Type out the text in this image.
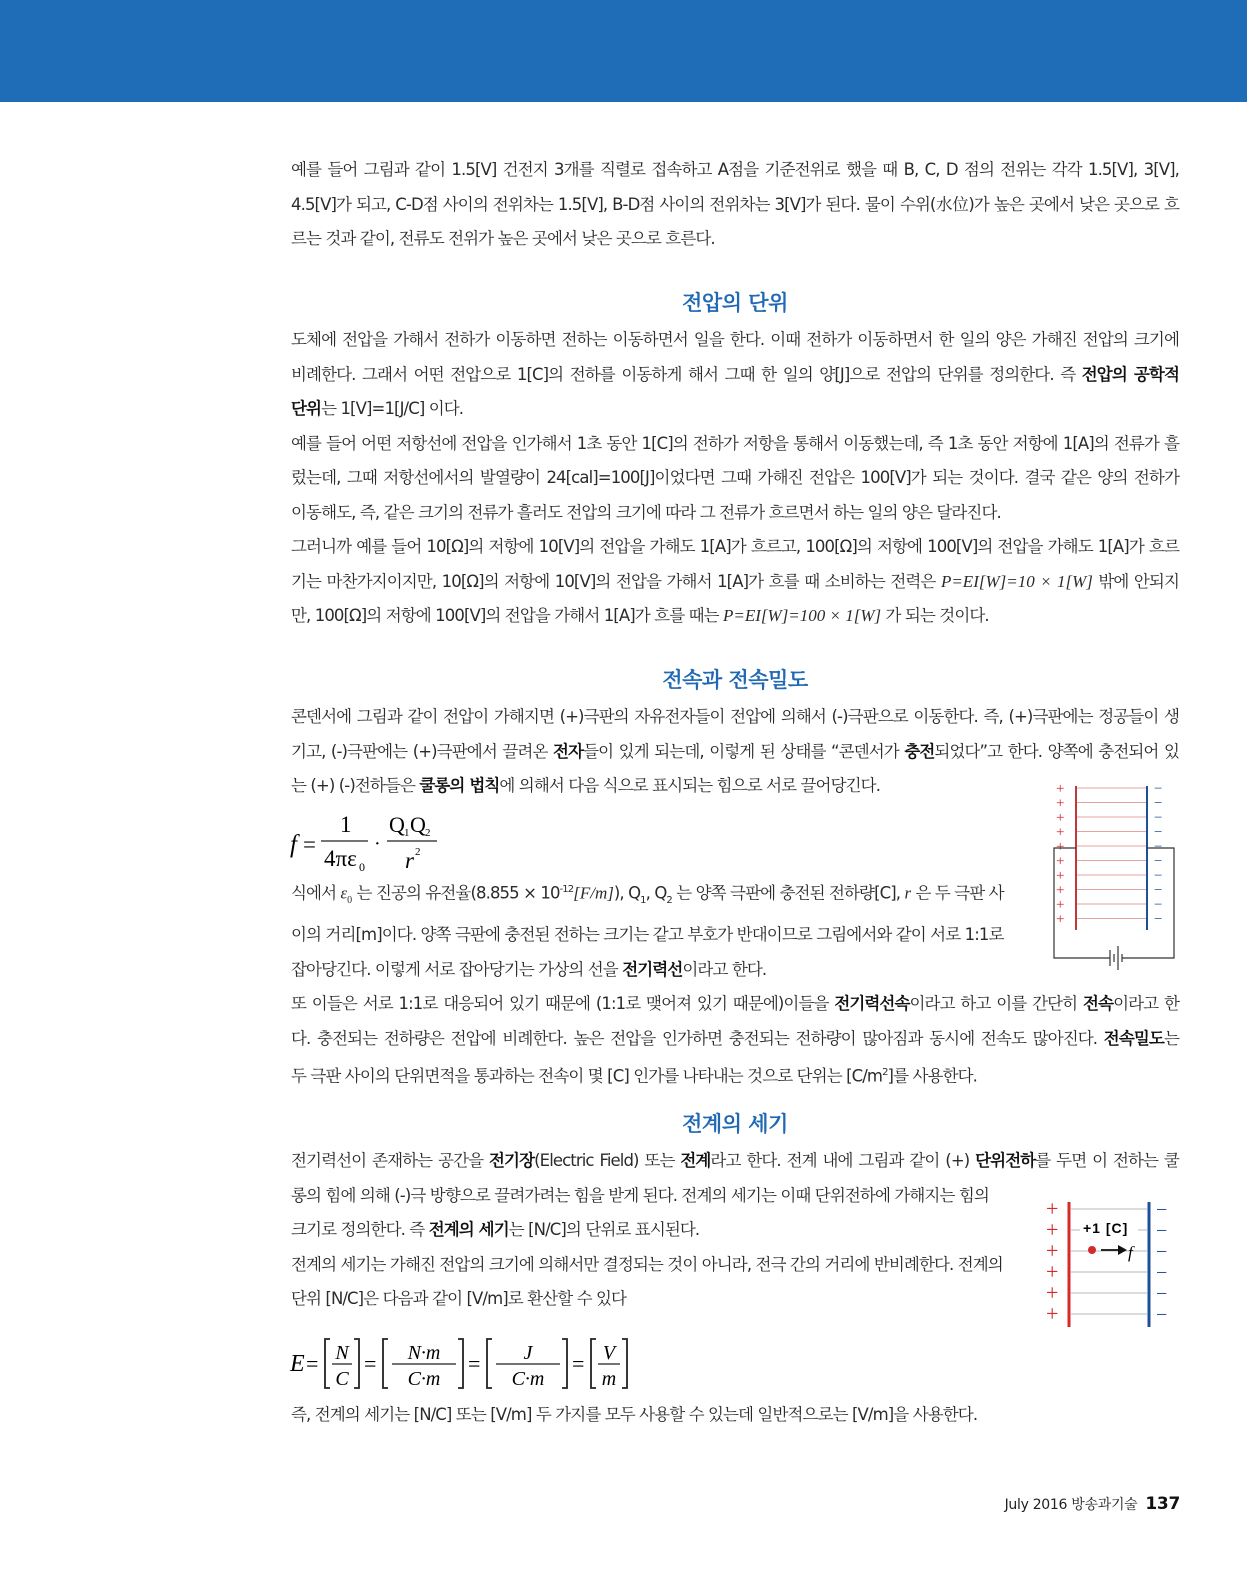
예를 들어 그림과 같이 1.5[V] 건전지 3개를 직렬로 접속하고 A점을 기준전위로 했을 때 B, C, D 점의 전위는 각각 1.5[V], 3[V],

4.5[V]가 되고, C-D점 사이의 전위차는 1.5[V], B-D점 사이의 전위차는 3[V]가 된다. 물이 수위(水位)가 높은 곳에서 낮은 곳으로 흐

르는 것과 같이, 전류도 전위가 높은 곳에서 낮은 곳으로 흐른다.

전압의 단위

도체에 전압을 가해서 전하가 이동하면 전하는 이동하면서 일을 한다. 이때 전하가 이동하면서 한 일의 양은 가해진 전압의 크기에

비례한다. 그래서 어떤 전압으로 1[C]의 전하를 이동하게 해서 그때 한 일의 양[J]으로 전압의 단위를 정의한다. 즉 전압의 공학적

단위는 1[V]=1[J/C] 이다.

예를 들어 어떤 저항선에 전압을 인가해서 1초 동안 1[C]의 전하가 저항을 통해서 이동했는데, 즉 1초 동안 저항에 1[A]의 전류가 흘

렀는데, 그때 저항선에서의 발열량이 24[cal]=100[J]이었다면 그때 가해진 전압은 100[V]가 되는 것이다. 결국 같은 양의 전하가

이동해도, 즉, 같은 크기의 전류가 흘러도 전압의 크기에 따라 그 전류가 흐르면서 하는 일의 양은 달라진다.

그러니까 예를 들어 10[Ω]의 저항에 10[V]의 전압을 가해도 1[A]가 흐르고, 100[Ω]의 저항에 100[V]의 전압을 가해도 1[A]가 흐르

기는 마찬가지이지만, 10[Ω]의 저항에 10[V]의 전압을 가해서 1[A]가 흐를 때 소비하는 전력은 P=EI[W]=10 × 1[W] 밖에 안되지

만, 100[Ω]의 저항에 100[V]의 전압을 가해서 1[A]가 흐를 때는 P=EI[W]=100 × 1[W] 가 되는 것이다.

전속과 전속밀도

콘덴서에 그림과 같이 전압이 가해지면 (+)극판의 자유전자들이 전압에 의해서 (-)극판으로 이동한다. 즉, (+)극판에는 정공들이 생

기고, (-)극판에는 (+)극판에서 끌려온 전자들이 있게 되는데, 이렇게 된 상태를 “콘덴서가 충전되었다”고 한다. 양쪽에 충전되어 있

는 (+) (-)전하들은 쿨롱의 법칙에 의해서 다음 식으로 표시되는 힘으로 서로 끌어당긴다.

f =
1
4πε 0
·
Q 1 Q 2
r 2

식에서 $\varepsilon_0$ 는 진공의 유전율$(8.855 \times 10^{-12}[F/m])$, $Q_1$, $Q_2$ 는 양쪽 극판에 충전된 전하량[C], r 은 두 극판 사

이의 거리[m]이다. 양쪽 극판에 충전된 전하는 크기는 같고 부호가 반대이므로 그림에서와 같이 서로 1:1로

잡아당긴다. 이렇게 서로 잡아당기는 가상의 선을 전기력선이라고 한다.

또 이들은 서로 1:1로 대응되어 있기 때문에 (1:1로 맺어져 있기 때문에)이들을 전기력선속이라고 하고 이를 간단히 전속이라고 한

다. 충전되는 전하량은 전압에 비례한다. 높은 전압을 인가하면 충전되는 전하량이 많아짐과 동시에 전속도 많아진다. 전속밀도는

두 극판 사이의 단위면적을 통과하는 전속이 몇 [C] 인가를 나타내는 것으로 단위는 $[C/m^2]$를 사용한다.

+
+
+
+
+
+
+
+
+
+
−
−
−
−
−
−
−
−
−
−
전계의 세기

전기력선이 존재하는 공간을 전기장(Electric Field) 또는 전계라고 한다. 전계 내에 그림과 같이 (+) 단위전하를 두면 이 전하는 쿨

롱의 힘에 의해 (-)극 방향으로 끌려가려는 힘을 받게 된다. 전계의 세기는 이때 단위전하에 가해지는 힘의

크기로 정의한다. 즉 전계의 세기는 [N/C]의 단위로 표시된다.

전계의 세기는 가해진 전압의 크기에 의해서만 결정되는 것이 아니라, 전극 간의 거리에 반비례한다. 전계의

단위 [N/C]은 다음과 같이 [V/m]로 환산할 수 있다

E = N
C
= N·m
C·m
= J
C·m
= V
m

즉, 전계의 세기는 [N/C] 또는 [V/m] 두 가지를 모두 사용할 수 있는데 일반적으로는 [V/m]을 사용한다.

+
+
+
+
+
+
−
−
−
−
−
−
+1 [C]
f
July 2016 방송과기술 137
